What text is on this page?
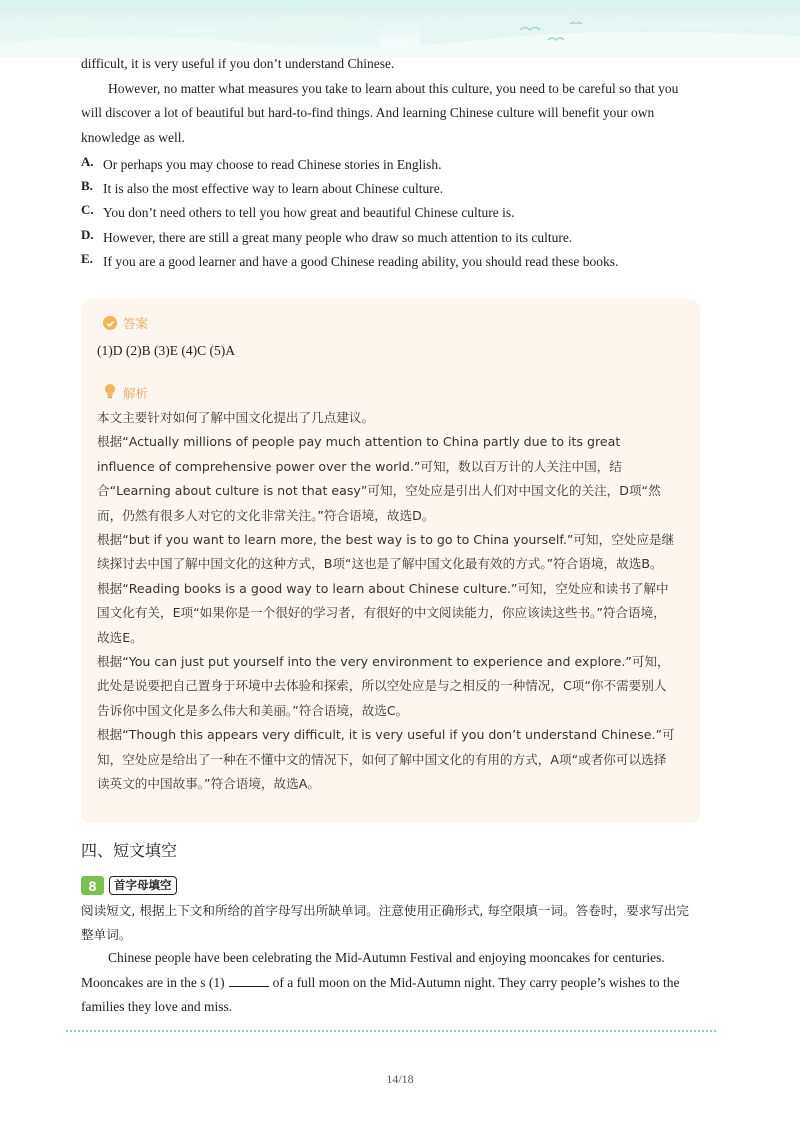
difficult, it is very useful if you don’t understand Chinese.

However, no matter what measures you take to learn about this culture, you need to be careful so that you will discover a lot of beautiful but hard-to-find things. And learning Chinese culture will benefit your own knowledge as well.

A. Or perhaps you may choose to read Chinese stories in English.
B. It is also the most effective way to learn about Chinese culture.
C. You don’t need others to tell you how great and beautiful Chinese culture is.
D. However, there are still a great many people who draw so much attention to its culture.
E. If you are a good learner and have a good Chinese reading ability, you should read these books.
答案
(1)D (2)B (3)E (4)C (5)A
解析

本文主要针对如何了解中国文化提出了几点建议。

根据“Actually millions of people pay much attention to China partly due to its great influence of comprehensive power over the world.”可知，数以百万计的人关注中国，结合“Learning about culture is not that easy”可知，空处应是引出人们对中国文化的关注，D项“然而，仍然有很多人对它的文化非常关注。”符合语境，故选D。

根据“but if you want to learn more, the best way is to go to China yourself.”可知，空处应是继续探讨去中国了解中国文化的这种方式，B项“这也是了解中国文化最有效的方式。”符合语境，故选B。

根据“Reading books is a good way to learn about Chinese culture.”可知，空处应和读书了解中国文化有关，E项“如果你是一个很好的学习者，有很好的中文阅读能力，你应该读这些书。”符合语境，故选E。

根据“You can just put yourself into the very environment to experience and explore.”可知，此处是说要把自己置身于环境中去体验和探索，所以空处应是与之相反的一种情况，C项“你不需要别人告诉你中国文化是多么伟大和美丽。”符合语境，故选C。

根据“Though this appears very difficult, it is very useful if you don’t understand Chinese.”可知，空处应是给出了一种在不懂中文的情况下，如何了解中国文化的有用的方式，A项“或者你可以选择读英文的中国故事。”符合语境，故选A。

四、短文填空
8	首字母填空
阅读短文, 根据上下文和所给的首字母写出所缺单词。注意使用正确形式, 每空限填一词。答卷时，要求写出完整单词。

Chinese people have been celebrating the Mid-Autumn Festival and enjoying mooncakes for centuries. Mooncakes are in the s (1)	of a full moon on the Mid-Autumn night. They carry people’s wishes to the families they love and miss.

14/18
